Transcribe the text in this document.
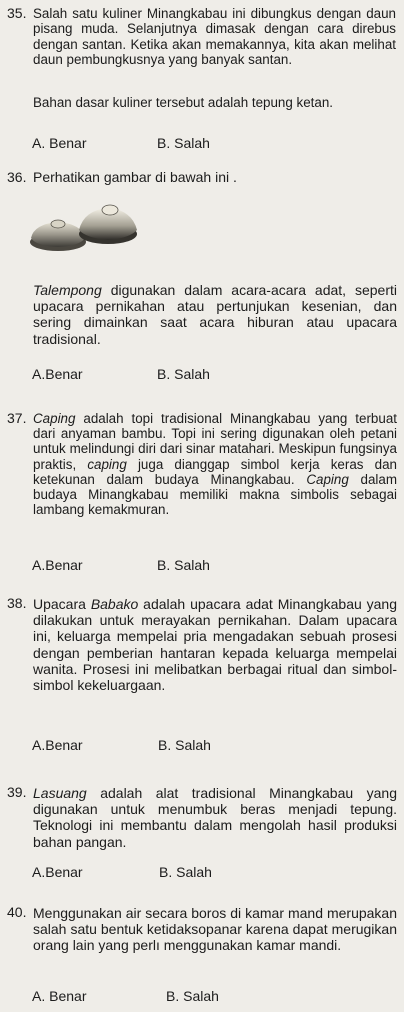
35. Salah satu kuliner Minangkabau ini dibungkus dengan daun pisang muda. Selanjutnya dimasak dengan cara direbus dengan santan. Ketika akan memakannya, kita akan melihat daun pembungkusnya yang banyak santan.
Bahan dasar kuliner tersebut adalah tepung ketan.
A. Benar	B. Salah
36. Perhatikan gambar di bawah ini .
Talempong digunakan dalam acara-acara adat, seperti upacara pernikahan atau pertunjukan kesenian, dan sering dimainkan saat acara hiburan atau upacara tradisional.
A.Benar	B. Salah
37. Caping adalah topi tradisional Minangkabau yang terbuat dari anyaman bambu. Topi ini sering digunakan oleh petani untuk melindungi diri dari sinar matahari. Meskipun fungsinya praktis, caping juga dianggap simbol kerja keras dan ketekunan dalam budaya Minangkabau. Caping dalam budaya Minangkabau memiliki makna simbolis sebagai lambang kemakmuran.
A.Benar	B. Salah
38. Upacara Babako adalah upacara adat Minangkabau yang dilakukan untuk merayakan pernikahan. Dalam upacara ini, keluarga mempelai pria mengadakan sebuah prosesi dengan pemberian hantaran kepada keluarga mempelai wanita. Prosesi ini melibatkan berbagai ritual dan simbol-simbol kekeluargaan.
A.Benar	B. Salah
39. Lasuang adalah alat tradisional Minangkabau yang digunakan untuk menumbuk beras menjadi tepung. Teknologi ini membantu dalam mengolah hasil produksi bahan pangan.
A.Benar	B. Salah
40. Menggunakan air secara boros di kamar mand merupakan salah satu bentuk ketidaksopanar karena dapat merugikan orang lain yang perlı menggunakan kamar mandi.
A. Benar	B. Salah
